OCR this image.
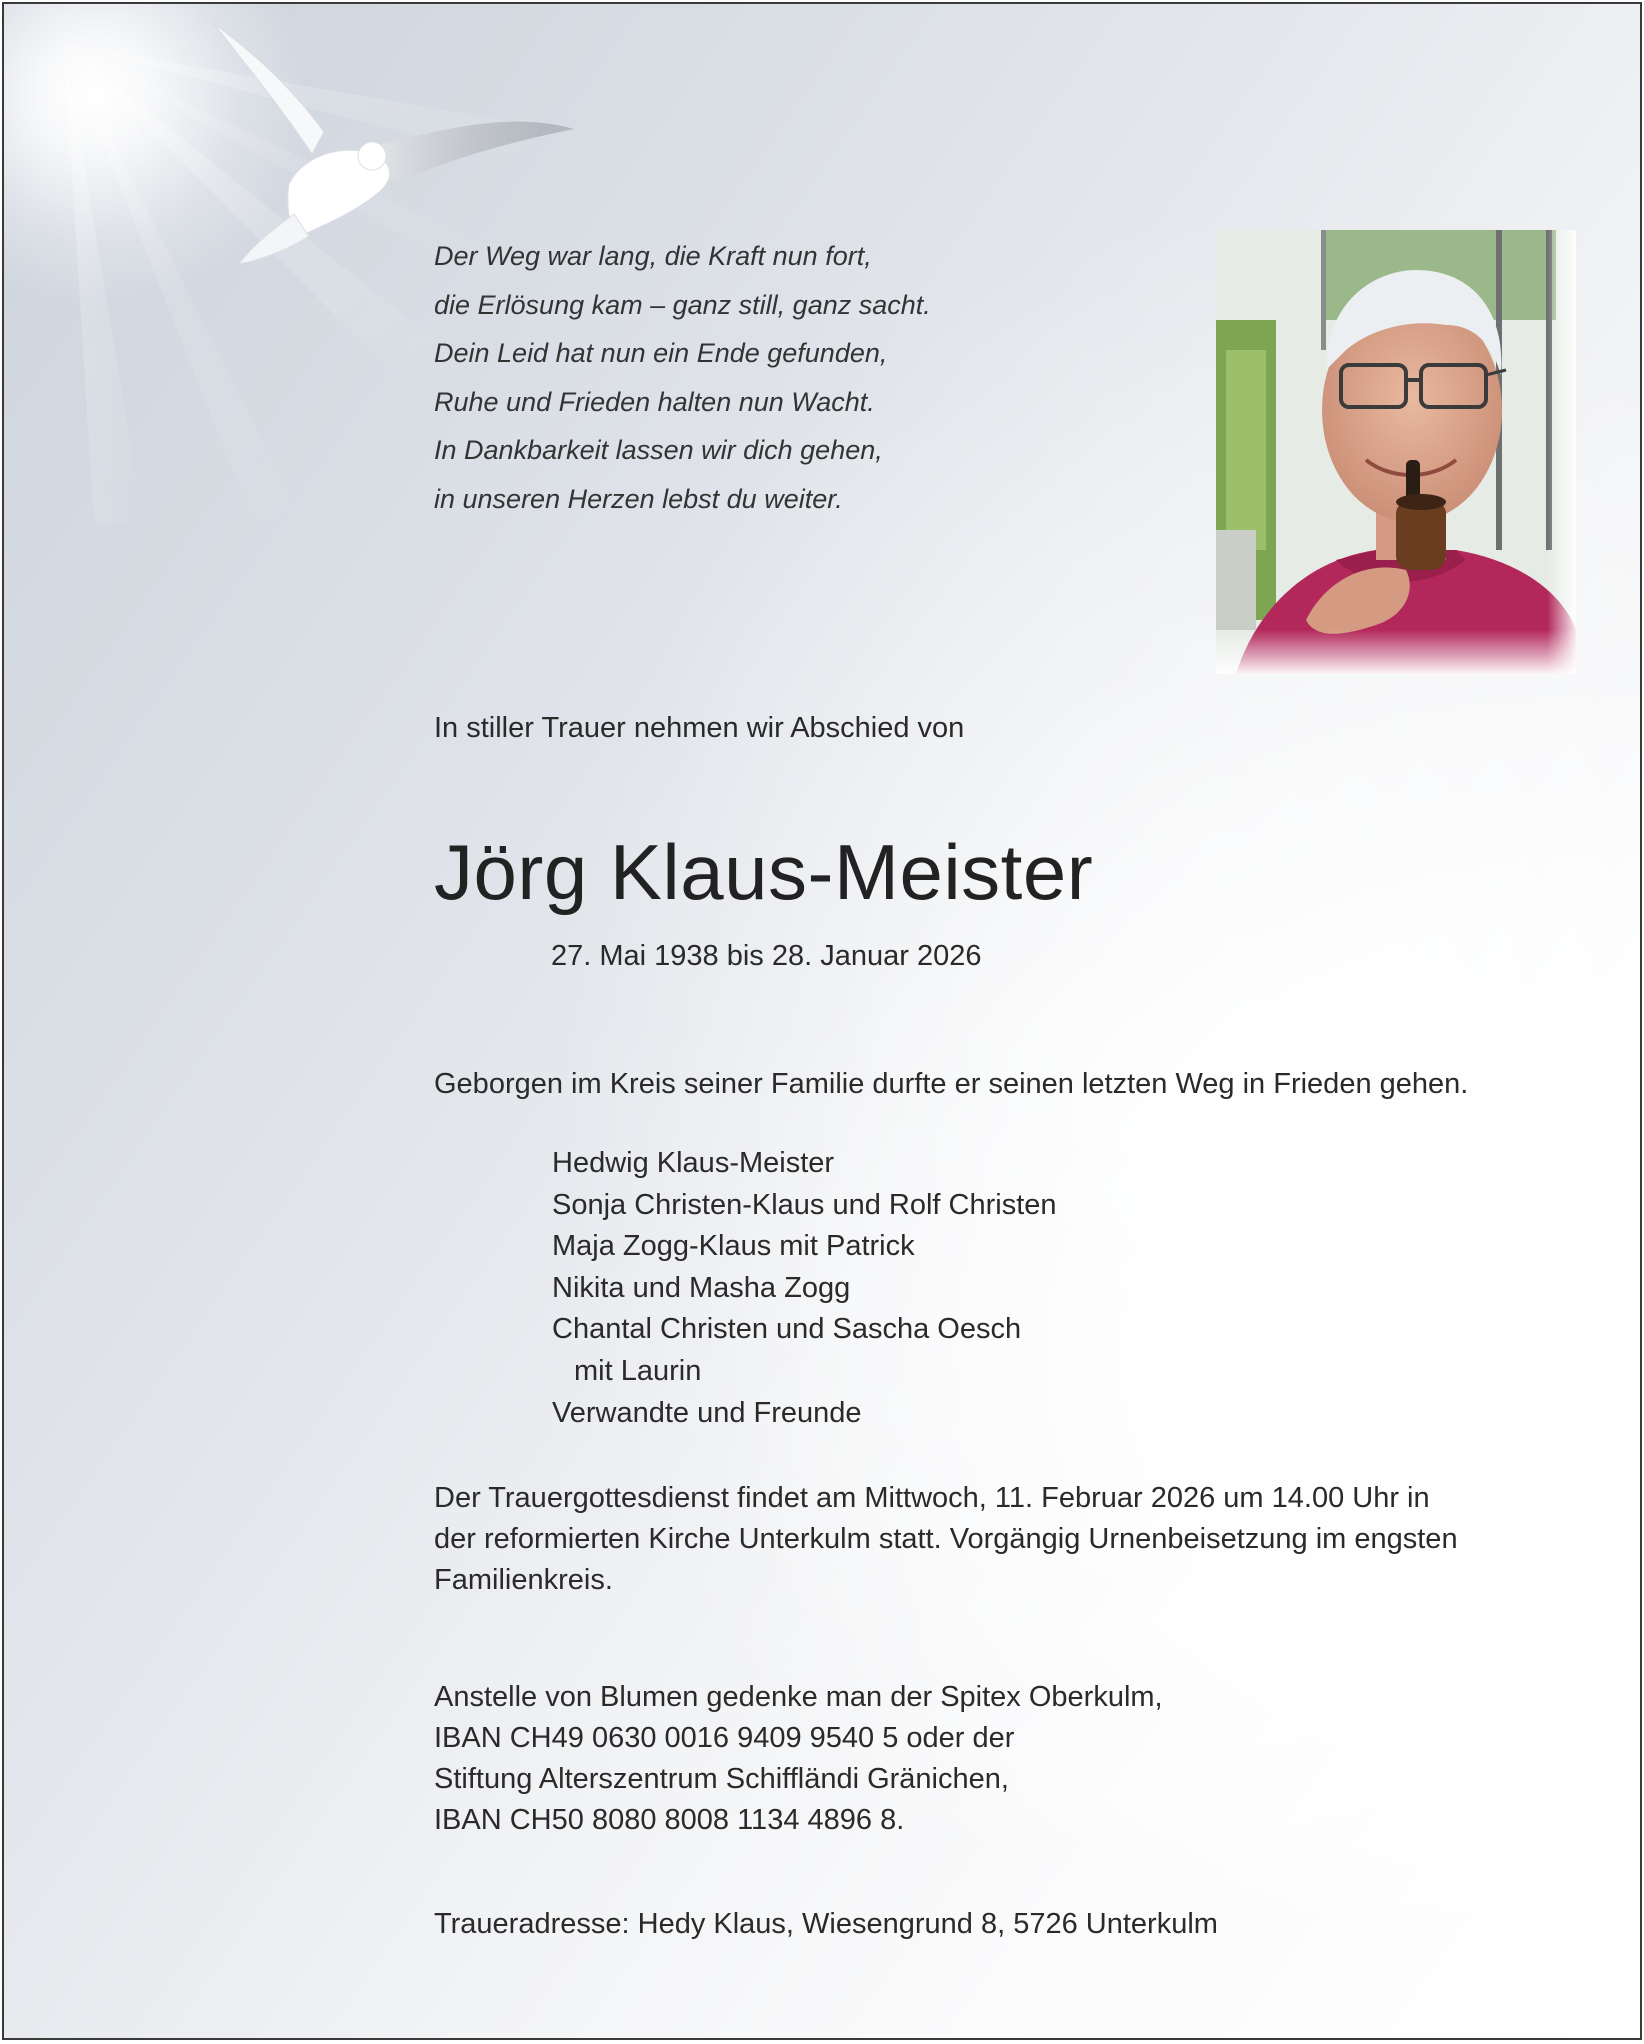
Der Weg war lang, die Kraft nun fort,
die Erlösung kam – ganz still, ganz sacht.
Dein Leid hat nun ein Ende gefunden,
Ruhe und Frieden halten nun Wacht.
In Dankbarkeit lassen wir dich gehen,
in unseren Herzen lebst du weiter.
In stiller Trauer nehmen wir Abschied von
Jörg Klaus-Meister
27. Mai 1938 bis 28. Januar 2026
Geborgen im Kreis seiner Familie durfte er seinen letzten Weg in Frieden gehen.
Hedwig Klaus-Meister
Sonja Christen-Klaus und Rolf Christen
Maja Zogg-Klaus mit Patrick
Nikita und Masha Zogg
Chantal Christen und Sascha Oesch
mit Laurin
Verwandte und Freunde
Der Trauergottesdienst findet am Mittwoch, 11. Februar 2026 um 14.00 Uhr in
der reformierten Kirche Unterkulm statt. Vorgängig Urnenbeisetzung im engsten
Familienkreis.
Anstelle von Blumen gedenke man der Spitex Oberkulm,
IBAN CH49 0630 0016 9409 9540 5 oder der
Stiftung Alterszentrum Schiffländi Gränichen,
IBAN CH50 8080 8008 1134 4896 8.
Traueradresse: Hedy Klaus, Wiesengrund 8, 5726 Unterkulm
